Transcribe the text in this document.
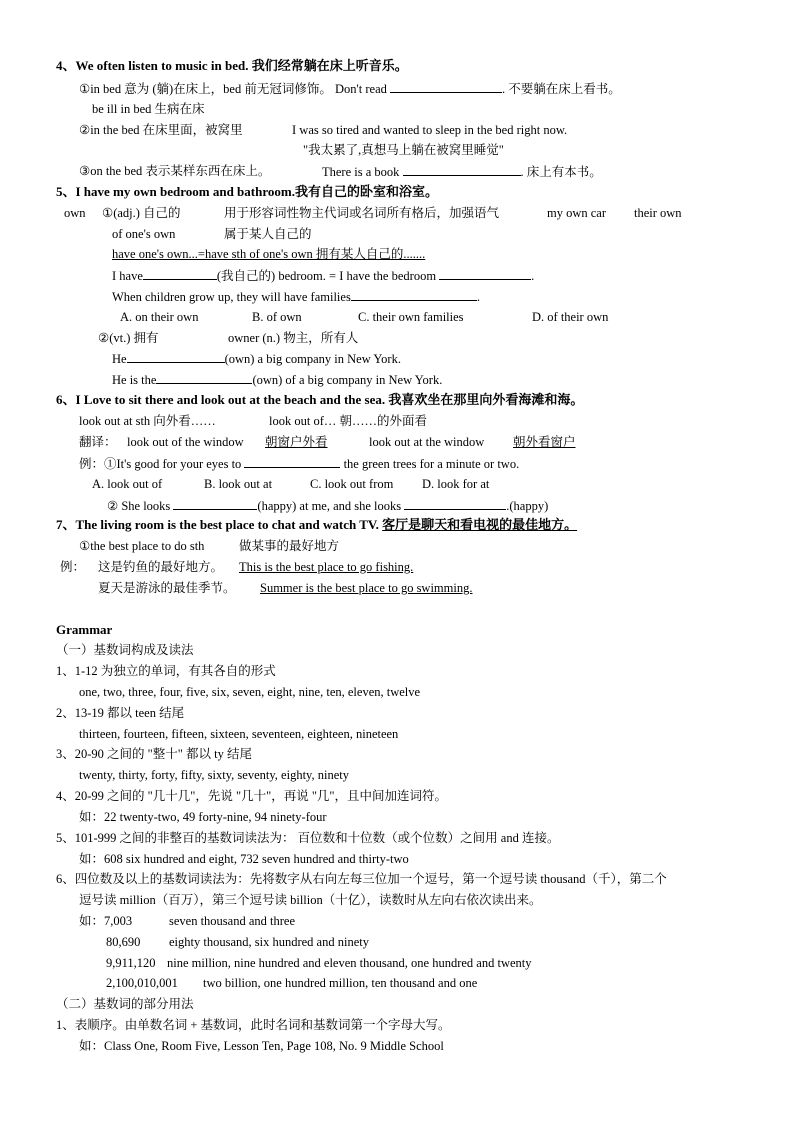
4、We often listen to music in bed. 我们经常躺在床上听音乐。
①in bed 意为 (躺)在床上，bed 前无冠词修饰。 Don't read	. 不要躺在床上看书。
be ill in bed 生病在床
②in the bed 在床里面，被窝里	I was so tired and wanted to sleep in the bed right now.
"我太累了,真想马上躺在被窝里睡觉"
③on the bed 表示某样东西在床上。	There is a book	. 床上有本书。
5、I have my own bedroom and bathroom.我有自己的卧室和浴室。
own ①(adj.) 自己的	用于形容词性物主代词或名词所有格后，加强语气	my own car their own
of one's own	属于某人自己的
have one's own...=have sth of one's own 拥有某人自己的.......
I have	(我自己的) bedroom. = I have the bedroom	.
When children grow up, they will have families	.
A. on their own	B. of own	C. their own families	D. of their own
②(vt.) 拥有	owner (n.) 物主，所有人
He	(own) a big company in New York.
He is the	(own) of a big company in New York.
6、I Love to sit there and look out at the beach and the sea. 我喜欢坐在那里向外看海滩和海。
look out at sth 向外看……	look out of… 朝……的外面看
翻译： look out of the window 朝窗户外看	look out at the window 朝外看窗户
例：①It's good for your eyes to	the green trees for a minute or two.
A. look out of	B. look out at	C. look out from D. look for at
② She looks	(happy) at me, and she looks	.(happy)
7、The living room is the best place to chat and watch TV. 客厅是聊天和看电视的最佳地方。
①the best place to do sth	做某事的最好地方
例： 这是钓鱼的最好地方。 This is the best place to go fishing.
夏天是游泳的最佳季节。 Summer is the best place to go swimming.
Grammar
（一）基数词构成及读法
1、1-12 为独立的单词，有其各自的形式
one, two, three, four, five, six, seven, eight, nine, ten, eleven, twelve
2、13-19 都以 teen 结尾
thirteen, fourteen, fifteen, sixteen, seventeen, eighteen, nineteen
3、20-90 之间的 "整十" 都以 ty 结尾
twenty, thirty, forty, fifty, sixty, seventy, eighty, ninety
4、20-99 之间的 "几十几"，先说 "几十"，再说 "几"，且中间加连词符。
如：22 twenty-two, 49 forty-nine, 94 ninety-four
5、101-999 之间的非整百的基数词读法为： 百位数和十位数（或个位数）之间用 and 连接。
如：608 six hundred and eight, 732 seven hundred and thirty-two
6、四位数及以上的基数词读法为：先将数字从右向左每三位加一个逗号，第一个逗号读 thousand（千），第二个
逗号读 million（百万），第三个逗号读 billion（十亿），读数时从左向右依次读出来。
如：7,003	seven thousand and three
80,690 eighty thousand, six hundred and ninety
9,911,120 nine million, nine hundred and eleven thousand, one hundred and twenty
2,100,010,001 two billion, one hundred million, ten thousand and one
（二）基数词的部分用法
1、表顺序。由单数名词 + 基数词，此时名词和基数词第一个字母大写。
如：Class One, Room Five, Lesson Ten, Page 108, No. 9 Middle School
